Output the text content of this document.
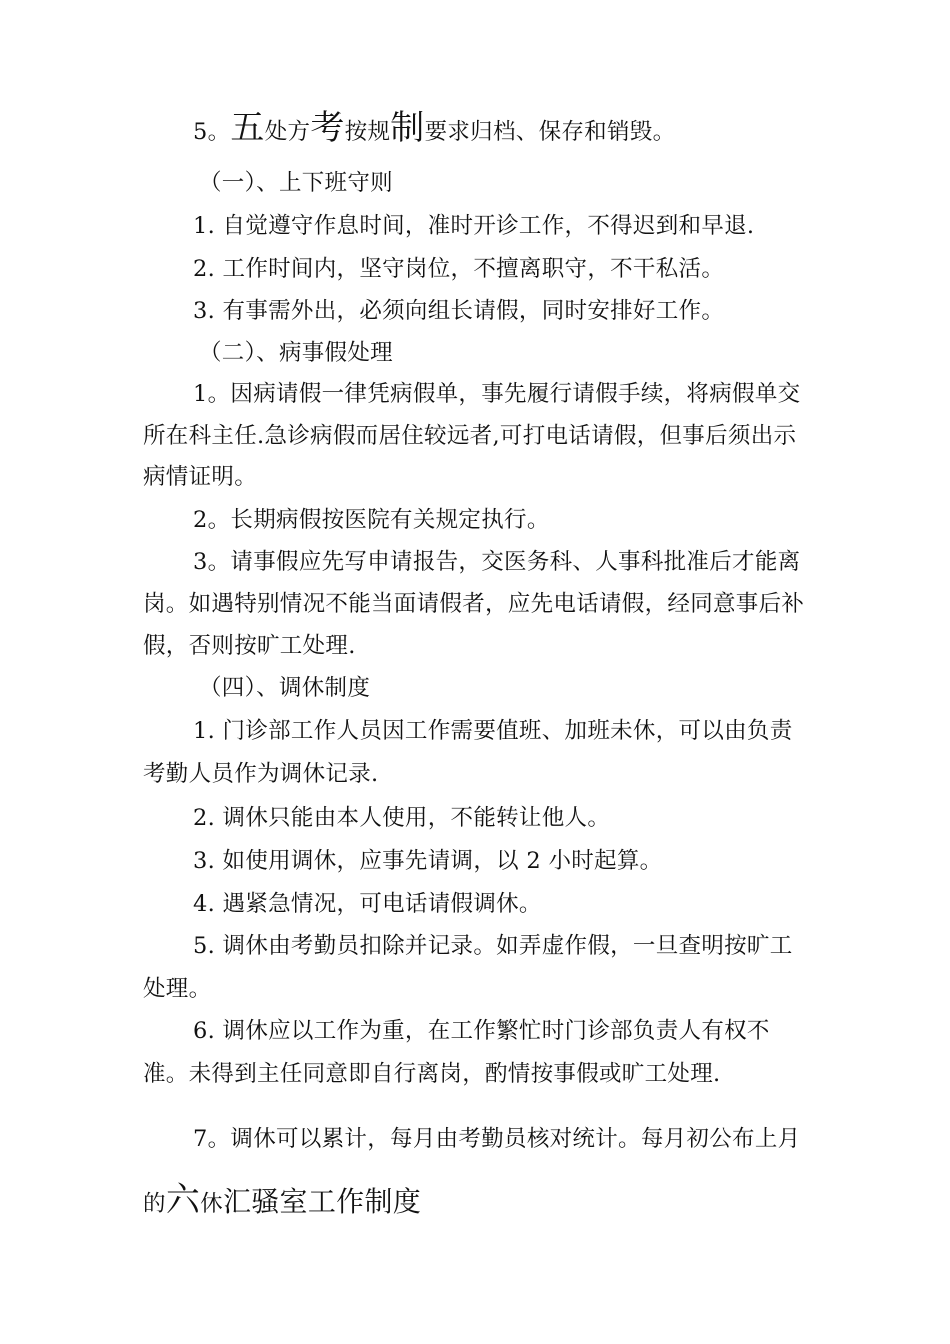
5。五处方考按规制要求归档、保存和销毁。
（一）、上下班守则
1. 自觉遵守作息时间，准时开诊工作，不得迟到和早退.
2. 工作时间内，坚守岗位，不擅离职守，不干私活。
3. 有事需外出，必须向组长请假，同时安排好工作。
（二）、病事假处理
1。因病请假一律凭病假单，事先履行请假手续，将病假单交
所在科主任.急诊病假而居住较远者,可打电话请假，但事后须出示
病情证明。
2。长期病假按医院有关规定执行。
3。请事假应先写申请报告，交医务科、人事科批准后才能离
岗。如遇特别情况不能当面请假者，应先电话请假，经同意事后补
假，否则按旷工处理.
（四）、调休制度
1. 门诊部工作人员因工作需要值班、加班未休，可以由负责
考勤人员作为调休记录.
2. 调休只能由本人使用，不能转让他人。
3. 如使用调休，应事先请调，以 2 小时起算。
4. 遇紧急情况，可电话请假调休。
5. 调休由考勤员扣除并记录。如弄虚作假，一旦查明按旷工
处理。
6. 调休应以工作为重，在工作繁忙时门诊部负责人有权不
准。未得到主任同意即自行离岗，酌情按事假或旷工处理.
7。调休可以累计，每月由考勤员核对统计。每月初公布上月
的六休汇骚室工作制度
